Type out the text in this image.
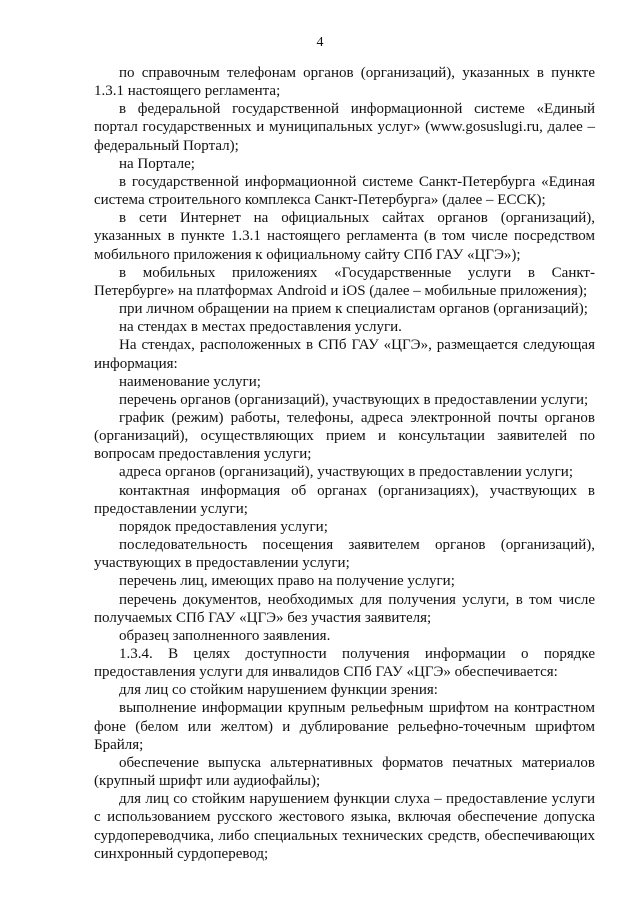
4

по справочным телефонам органов (организаций), указанных в пункте 1.3.1 настоящего регламента;

в федеральной государственной информационной системе «Единый портал государственных и муниципальных услуг» (www.gosuslugi.ru, далее – федеральный Портал);

на Портале;

в государственной информационной системе Санкт-Петербурга «Единая система строительного комплекса Санкт-Петербурга» (далее – ЕССК);

в сети Интернет на официальных сайтах органов (организаций), указанных в пункте 1.3.1 настоящего регламента (в том числе посредством мобильного приложения к официальному сайту СПб ГАУ «ЦГЭ»);

в мобильных приложениях «Государственные услуги в Санкт-Петербурге» на платформах Android и iOS (далее – мобильные приложения);

при личном обращении на прием к специалистам органов (организаций);

на стендах в местах предоставления услуги.

На стендах, расположенных в СПб ГАУ «ЦГЭ», размещается следующая информация:

наименование услуги;

перечень органов (организаций), участвующих в предоставлении услуги;

график (режим) работы, телефоны, адреса электронной почты органов (организаций), осуществляющих прием и консультации заявителей по вопросам предоставления услуги;

адреса органов (организаций), участвующих в предоставлении услуги;

контактная информация об органах (организациях), участвующих в предоставлении услуги;

порядок предоставления услуги;

последовательность посещения заявителем органов (организаций), участвующих в предоставлении услуги;

перечень лиц, имеющих право на получение услуги;

перечень документов, необходимых для получения услуги, в том числе получаемых СПб ГАУ «ЦГЭ» без участия заявителя;

образец заполненного заявления.

1.3.4. В целях доступности получения информации о порядке предоставления услуги для инвалидов СПб ГАУ «ЦГЭ» обеспечивается:

для лиц со стойким нарушением функции зрения:

выполнение информации крупным рельефным шрифтом на контрастном фоне (белом или желтом) и дублирование рельефно-точечным шрифтом Брайля;

обеспечение выпуска альтернативных форматов печатных материалов (крупный шрифт или аудиофайлы);

для лиц со стойким нарушением функции слуха – предоставление услуги с использованием русского жестового языка, включая обеспечение допуска сурдопереводчика, либо специальных технических средств, обеспечивающих синхронный сурдоперевод;
